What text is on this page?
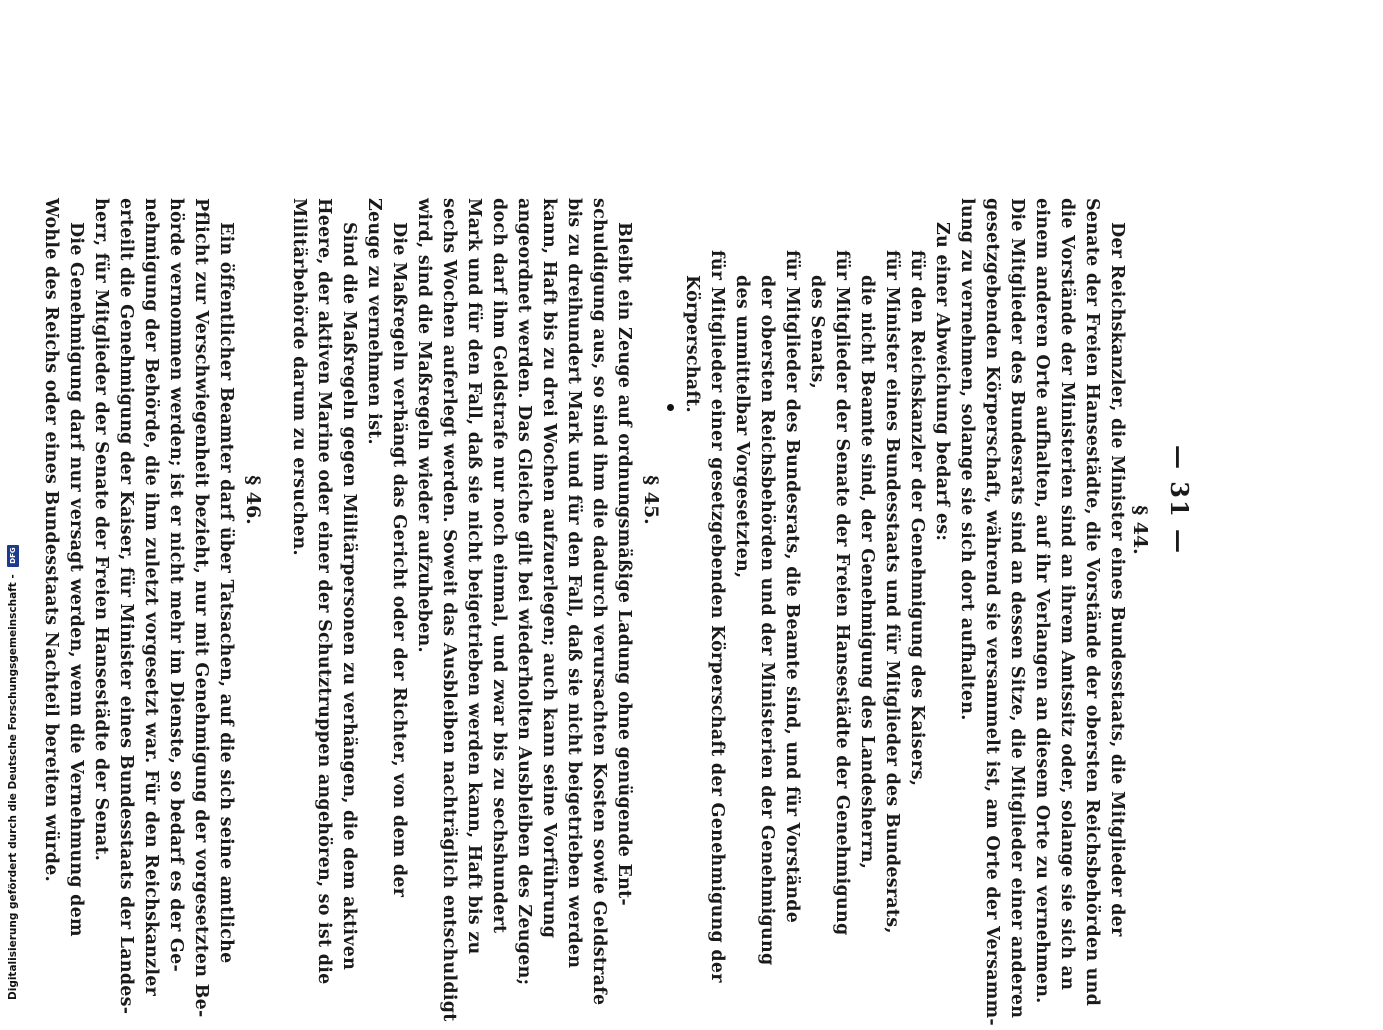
— 31 —
§ 44.
Der Reichskanzler, die Minister eines Bundesstaats, die Mitglieder der
Senate der Freien Hansestädte, die Vorstände der obersten Reichsbehörden und
die Vorstände der Ministerien sind an ihrem Amtssitz oder, solange sie sich an
einem anderen Orte aufhalten, auf ihr Verlangen an diesem Orte zu vernehmen.
Die Mitglieder des Bundesrats sind an dessen Sitze, die Mitglieder einer anderen
gesetzgebenden Körperschaft, während sie versammelt ist, am Orte der Versamm-
lung zu vernehmen, solange sie sich dort aufhalten.
Zu einer Abweichung bedarf es:
für den Reichskanzler der Genehmigung des Kaisers,
für Minister eines Bundesstaats und für Mitglieder des Bundesrats,
die nicht Beamte sind, der Genehmigung des Landesherrn,
für Mitglieder der Senate der Freien Hansestädte der Genehmigung
des Senats,
für Mitglieder des Bundesrats, die Beamte sind, und für Vorstände
der obersten Reichsbehörden und der Ministerien der Genehmigung
des unmittelbar Vorgesetzten,
für Mitglieder einer gesetzgebenden Körperschaft der Genehmigung der
Körperschaft.
§ 45.
Bleibt ein Zeuge auf ordnungsmäßige Ladung ohne genügende Ent-
schuldigung aus, so sind ihm die dadurch verursachten Kosten sowie Geldstrafe
bis zu dreihundert Mark und für den Fall, daß sie nicht beigetrieben werden
kann, Haft bis zu drei Wochen aufzuerlegen; auch kann seine Vorführung
angeordnet werden. Das Gleiche gilt bei wiederholten Ausbleiben des Zeugen;
doch darf ihm Geldstrafe nur noch einmal, und zwar bis zu sechshundert
Mark und für den Fall, daß sie nicht beigetrieben werden kann, Haft bis zu
sechs Wochen auferlegt werden. Soweit das Ausbleiben nachträglich entschuldigt
wird, sind die Maßregeln wieder aufzuheben.
Die Maßregeln verhängt das Gericht oder der Richter, von dem der
Zeuge zu vernehmen ist.
Sind die Maßregeln gegen Militärpersonen zu verhängen, die dem aktiven
Heere, der aktiven Marine oder einer der Schutztruppen angehören, so ist die
Militärbehörde darum zu ersuchen.
§ 46.
Ein öffentlicher Beamter darf über Tatsachen, auf die sich seine amtliche
Pflicht zur Verschwiegenheit bezieht, nur mit Genehmigung der vorgesetzten Be-
hörde vernommen werden; ist er nicht mehr im Dienste, so bedarf es der Ge-
nehmigung der Behörde, die ihm zuletzt vorgesetzt war. Für den Reichskanzler
erteilt die Genehmigung der Kaiser, für Minister eines Bundesstaats der Landes-
herr, für Mitglieder der Senate der Freien Hansestädte der Senat.
Die Genehmigung darf nur versagt werden, wenn die Vernehmung dem
Wohle des Reichs oder eines Bundesstaats Nachteil bereiten würde.
Digitalisierung gefördert durch die Deutsche Forschungsgemeinschaft - DFG
